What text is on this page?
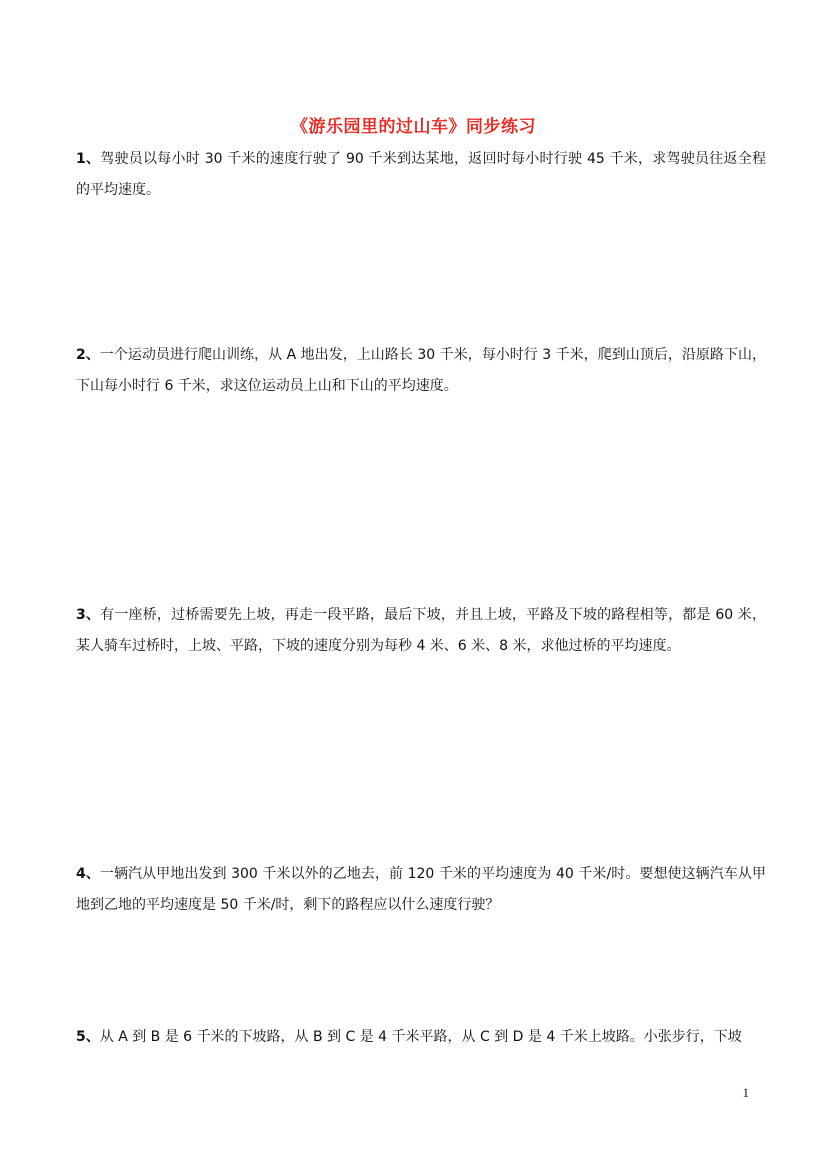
《游乐园里的过山车》同步练习
1、驾驶员以每小时 30 千米的速度行驶了 90 千米到达某地，返回时每小时行驶 45 千米，求驾驶员往返全程的平均速度。
2、一个运动员进行爬山训练，从 A 地出发，上山路长 30 千米，每小时行 3 千米，爬到山顶后，沿原路下山，下山每小时行 6 千米，求这位运动员上山和下山的平均速度。
3、有一座桥，过桥需要先上坡，再走一段平路，最后下坡，并且上坡，平路及下坡的路程相等，都是 60 米，某人骑车过桥时，上坡、平路，下坡的速度分别为每秒 4 米、6 米、8 米，求他过桥的平均速度。
4、一辆汽从甲地出发到 300 千米以外的乙地去，前 120 千米的平均速度为 40 千米/时。要想使这辆汽车从甲地到乙地的平均速度是 50 千米/时，剩下的路程应以什么速度行驶？
5、从 A 到 B 是 6 千米的下坡路，从 B 到 C 是 4 千米平路，从 C 到 D 是 4 千米上坡路。小张步行，下坡
1
